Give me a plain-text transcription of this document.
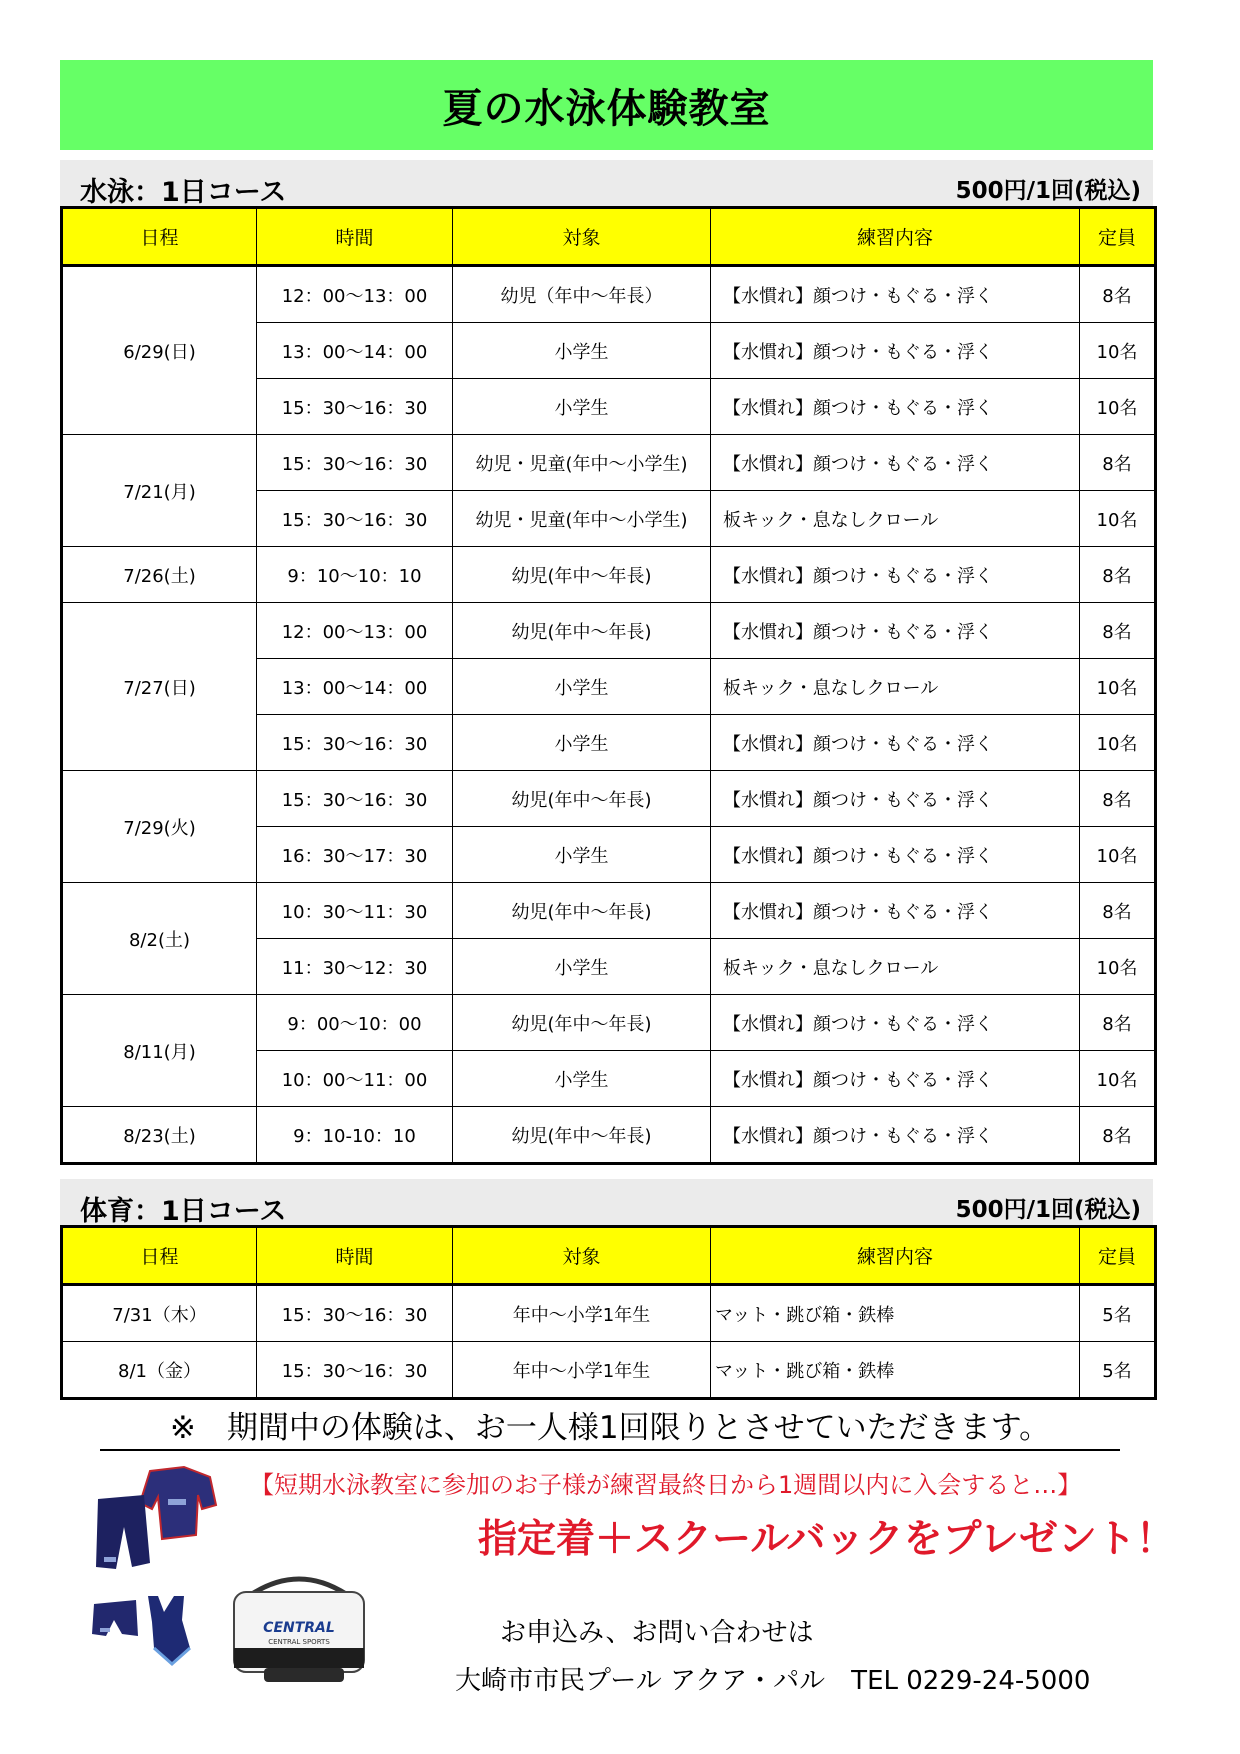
夏の水泳体験教室
水泳：1日コース	500円/1回(税込)
日程	時間	対象	練習内容	定員
6/29(日)	12：00～13：00	幼児（年中～年長）	【水慣れ】顔つけ・もぐる・浮く	8名
	13：00～14：00	小学生	【水慣れ】顔つけ・もぐる・浮く	10名
	15：30～16：30	小学生	【水慣れ】顔つけ・もぐる・浮く	10名
7/21(月)	15：30～16：30	幼児・児童(年中～小学生)	【水慣れ】顔つけ・もぐる・浮く	8名
	15：30～16：30	幼児・児童(年中～小学生)	板キック・息なしクロール	10名
7/26(土)	9：10～10：10	幼児(年中～年長)	【水慣れ】顔つけ・もぐる・浮く	8名
7/27(日)	12：00～13：00	幼児(年中～年長)	【水慣れ】顔つけ・もぐる・浮く	8名
	13：00～14：00	小学生	板キック・息なしクロール	10名
	15：30～16：30	小学生	【水慣れ】顔つけ・もぐる・浮く	10名
7/29(火)	15：30～16：30	幼児(年中～年長)	【水慣れ】顔つけ・もぐる・浮く	8名
	16：30～17：30	小学生	【水慣れ】顔つけ・もぐる・浮く	10名
8/2(土)	10：30～11：30	幼児(年中～年長)	【水慣れ】顔つけ・もぐる・浮く	8名
	11：30～12：30	小学生	板キック・息なしクロール	10名
8/11(月)	9：00～10：00	幼児(年中～年長)	【水慣れ】顔つけ・もぐる・浮く	8名
	10：00～11：00	小学生	【水慣れ】顔つけ・もぐる・浮く	10名
8/23(土)	9：10-10：10	幼児(年中～年長)	【水慣れ】顔つけ・もぐる・浮く	8名
体育：1日コース	500円/1回(税込)
日程	時間	対象	練習内容	定員
7/31（木）	15：30～16：30	年中～小学1年生	マット・跳び箱・鉄棒	5名
8/1（金）	15：30～16：30	年中～小学1年生	マット・跳び箱・鉄棒	5名
※　期間中の体験は、お一人様1回限りとさせていただきます。
CENTRAL
CENTRAL SPORTS
【短期水泳教室に参加のお子様が練習最終日から1週間以内に入会すると…】
指定着＋スクールバックをプレゼント！
お申込み、お問い合わせは
大崎市市民プール アクア・パル　TEL 0229-24-5000
